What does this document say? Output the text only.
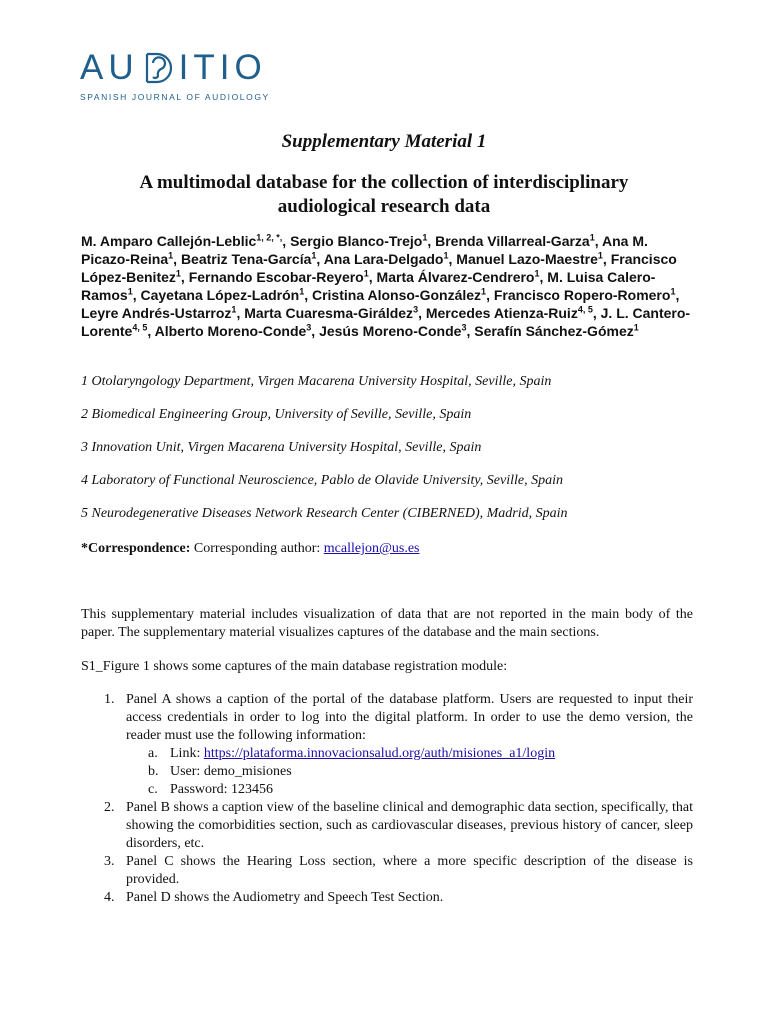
AU ITIO
SPANISH JOURNAL OF AUDIOLOGY
Supplementary Material 1
A multimodal database for the collection of interdisciplinary audiological research data
M. Amparo Callejón-Leblic$^{1, 2, *,}$, Sergio Blanco-Trejo$^1$, Brenda Villarreal-Garza$^1$, Ana M. Picazo-Reina$^1$, Beatriz Tena-García$^1$, Ana Lara-Delgado$^1$, Manuel Lazo-Maestre$^1$, Francisco López-Benitez$^1$, Fernando Escobar-Reyero$^1$, Marta Álvarez-Cendrero$^1$, M. Luisa Calero-Ramos$^1$, Cayetana López-Ladrón$^1$, Cristina Alonso-González$^1$, Francisco Ropero-Romero$^1$, Leyre Andrés-Ustarroz$^1$, Marta Cuaresma-Giráldez$^3$, Mercedes Atienza-Ruiz$^{4, 5}$, J. L. Cantero-Lorente$^{4, 5}$, Alberto Moreno-Conde$^3$, Jesús Moreno-Conde$^3$, Serafín Sánchez-Gómez$^1$
1 Otolaryngology Department, Virgen Macarena University Hospital, Seville, Spain
2 Biomedical Engineering Group, University of Seville, Seville, Spain
3 Innovation Unit, Virgen Macarena University Hospital, Seville, Spain
4 Laboratory of Functional Neuroscience, Pablo de Olavide University, Seville, Spain
5 Neurodegenerative Diseases Network Research Center (CIBERNED), Madrid, Spain
*Correspondence: Corresponding author: mcallejon@us.es
This supplementary material includes visualization of data that are not reported in the main body of the paper. The supplementary material visualizes captures of the database and the main sections.
S1_Figure 1 shows some captures of the main database registration module:
1. Panel A shows a caption of the portal of the database platform. Users are requested to input their access credentials in order to log into the digital platform. In order to use the demo version, the reader must use the following information:
a. Link: https://plataforma.innovacionsalud.org/auth/misiones_a1/login
b. User: demo_misiones
c. Password: 123456
2. Panel B shows a caption view of the baseline clinical and demographic data section, specifically, that showing the comorbidities section, such as cardiovascular diseases, previous history of cancer, sleep disorders, etc.
3. Panel C shows the Hearing Loss section, where a more specific description of the disease is provided.
4. Panel D shows the Audiometry and Speech Test Section.
